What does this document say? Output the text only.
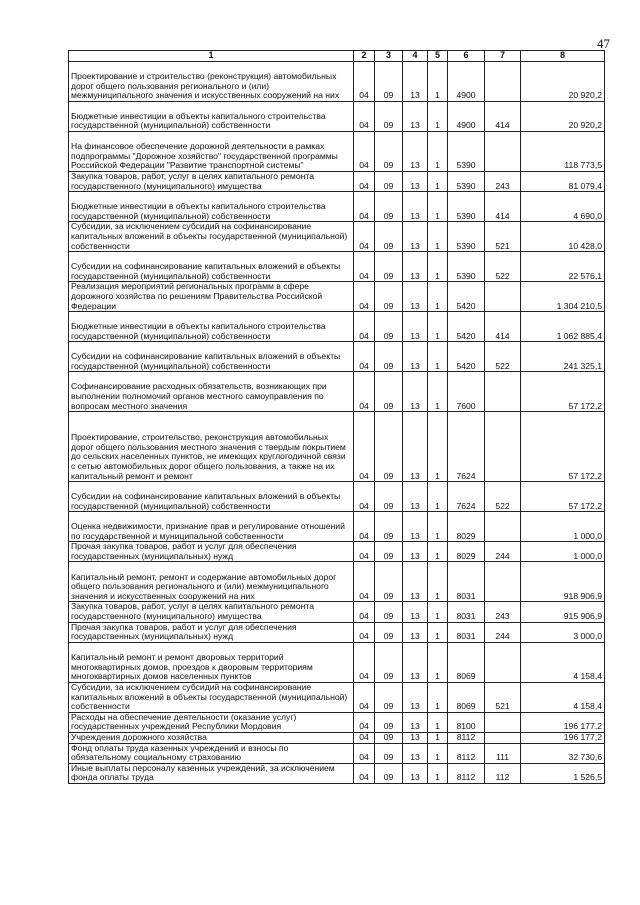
47
1	2	3	4	5	6	7	8
Проектирование и строительство (реконструкция) автомобильных дорог общего пользования регионального и (или) межмуниципального значения и искусственных сооружений на них	04	09	13	1	4900		20 920,2
Бюджетные инвестиции в объекты капитального строительства государственной (муниципальной) собственности	04	09	13	1	4900	414	20 920,2
На финансовое обеспечение дорожной деятельности в рамках подпрограммы "Дорожное хозяйство" государственной программы Российской Федерации "Развитие транспортной системы"	04	09	13	1	5390		118 773,5
Закупка товаров, работ, услуг в целях капитального ремонта государственного (муниципального) имущества	04	09	13	1	5390	243	81 079,4
Бюджетные инвестиции в объекты капитального строительства государственной (муниципальной) собственности	04	09	13	1	5390	414	4 690,0
Субсидии, за исключением субсидий на софинансирование капитальных вложений в объекты государственной (муниципальной) собственности	04	09	13	1	5390	521	10 428,0
Субсидии на софинансирование капитальных вложений в объекты государственной (муниципальной) собственности	04	09	13	1	5390	522	22 576,1
Реализация мероприятий региональных программ в сфере дорожного хозяйства по решениям Правительства Российской Федерации	04	09	13	1	5420		1 304 210,5
Бюджетные инвестиции в объекты капитального строительства государственной (муниципальной) собственности	04	09	13	1	5420	414	1 062 885,4
Субсидии на софинансирование капитальных вложений в объекты государственной (муниципальной) собственности	04	09	13	1	5420	522	241 325,1
Софинансирование расходных обязательств, возникающих при выполнении полномочий органов местного самоуправления по вопросам местного значения	04	09	13	1	7600		57 172,2
Проектирование, строительство, реконструкция автомобильных дорог общего пользования местного значения с твердым покрытием до сельских населенных пунктов, не имеющих круглогодичной связи с сетью автомобильных дорог общего пользования, а также на их капитальный ремонт и ремонт	04	09	13	1	7624		57 172,2
Субсидии на софинансирование капитальных вложений в объекты государственной (муниципальной) собственности	04	09	13	1	7624	522	57 172,2
Оценка недвижимости, признание прав и регулирование отношений по государственной и муниципальной собственности	04	09	13	1	8029		1 000,0
Прочая закупка товаров, работ и услуг для обеспечения государственных (муниципальных) нужд	04	09	13	1	8029	244	1 000,0
Капитальный ремонт, ремонт и содержание автомобильных дорог общего пользования регионального и (или) межмуниципального значения и искусственных сооружений на них	04	09	13	1	8031		918 906,9
Закупка товаров, работ, услуг в целях капитального ремонта государственного (муниципального) имущества	04	09	13	1	8031	243	915 906,9
Прочая закупка товаров, работ и услуг для обеспечения государственных (муниципальных) нужд	04	09	13	1	8031	244	3 000,0
Капитальный ремонт и ремонт дворовых территорий многоквартирных домов, проездов к дворовым территориям многоквартирных домов населенных пунктов	04	09	13	1	8069		4 158,4
Субсидии, за исключением субсидий на софинансирование капитальных вложений в объекты государственной (муниципальной) собственности	04	09	13	1	8069	521	4 158,4
Расходы на обеспечение деятельности (оказание услуг) государственных учреждений Республики Мордовия	04	09	13	1	8100		196 177,2
Учреждения дорожного хозяйства	04	09	13	1	8112		196 177,2
Фонд оплаты труда казенных учреждений и взносы по обязательному социальному страхованию	04	09	13	1	8112	111	32 730,6
Иные выплаты персоналу казенных учреждений, за исключением фонда оплаты труда	04	09	13	1	8112	112	1 526,5
